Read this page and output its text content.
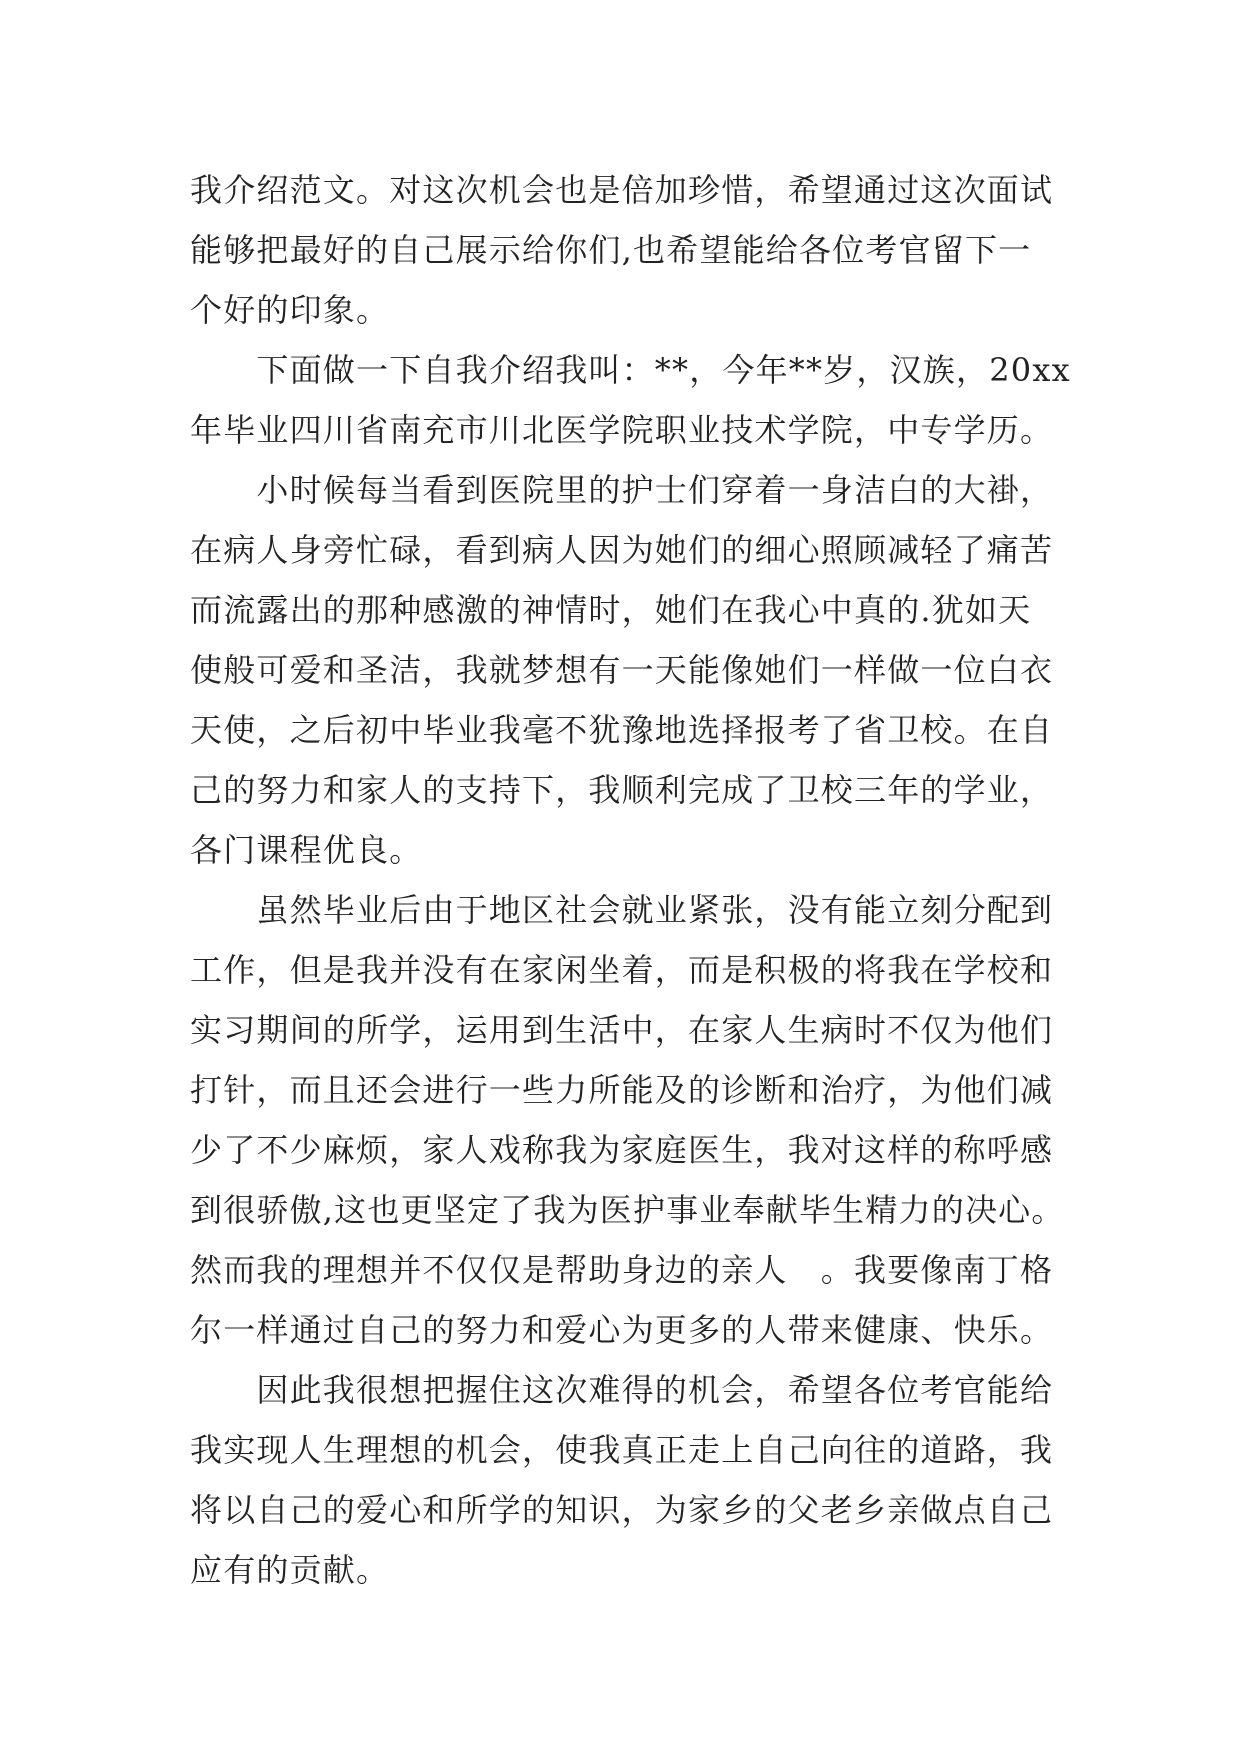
我介绍范文。对这次机会也是倍加珍惜，希望通过这次面试
能够把最好的自己展示给你们,也希望能给各位考官留下一
个好的印象。
　　下面做一下自我介绍我叫：**，今年**岁，汉族，20xx
年毕业四川省南充市川北医学院职业技术学院，中专学历。
　　小时候每当看到医院里的护士们穿着一身洁白的大褂，
在病人身旁忙碌，看到病人因为她们的细心照顾减轻了痛苦
而流露出的那种感激的神情时，她们在我心中真的.犹如天
使般可爱和圣洁，我就梦想有一天能像她们一样做一位白衣
天使，之后初中毕业我毫不犹豫地选择报考了省卫校。在自
己的努力和家人的支持下，我顺利完成了卫校三年的学业，
各门课程优良。
　　虽然毕业后由于地区社会就业紧张，没有能立刻分配到
工作，但是我并没有在家闲坐着，而是积极的将我在学校和
实习期间的所学，运用到生活中，在家人生病时不仅为他们
打针，而且还会进行一些力所能及的诊断和治疗，为他们减
少了不少麻烦，家人戏称我为家庭医生，我对这样的称呼感
到很骄傲,这也更坚定了我为医护事业奉献毕生精力的决心。
然而我的理想并不仅仅是帮助身边的亲人　。我要像南丁格
尔一样通过自己的努力和爱心为更多的人带来健康、快乐。
　　因此我很想把握住这次难得的机会，希望各位考官能给
我实现人生理想的机会，使我真正走上自己向往的道路，我
将以自己的爱心和所学的知识，为家乡的父老乡亲做点自己
应有的贡献。
